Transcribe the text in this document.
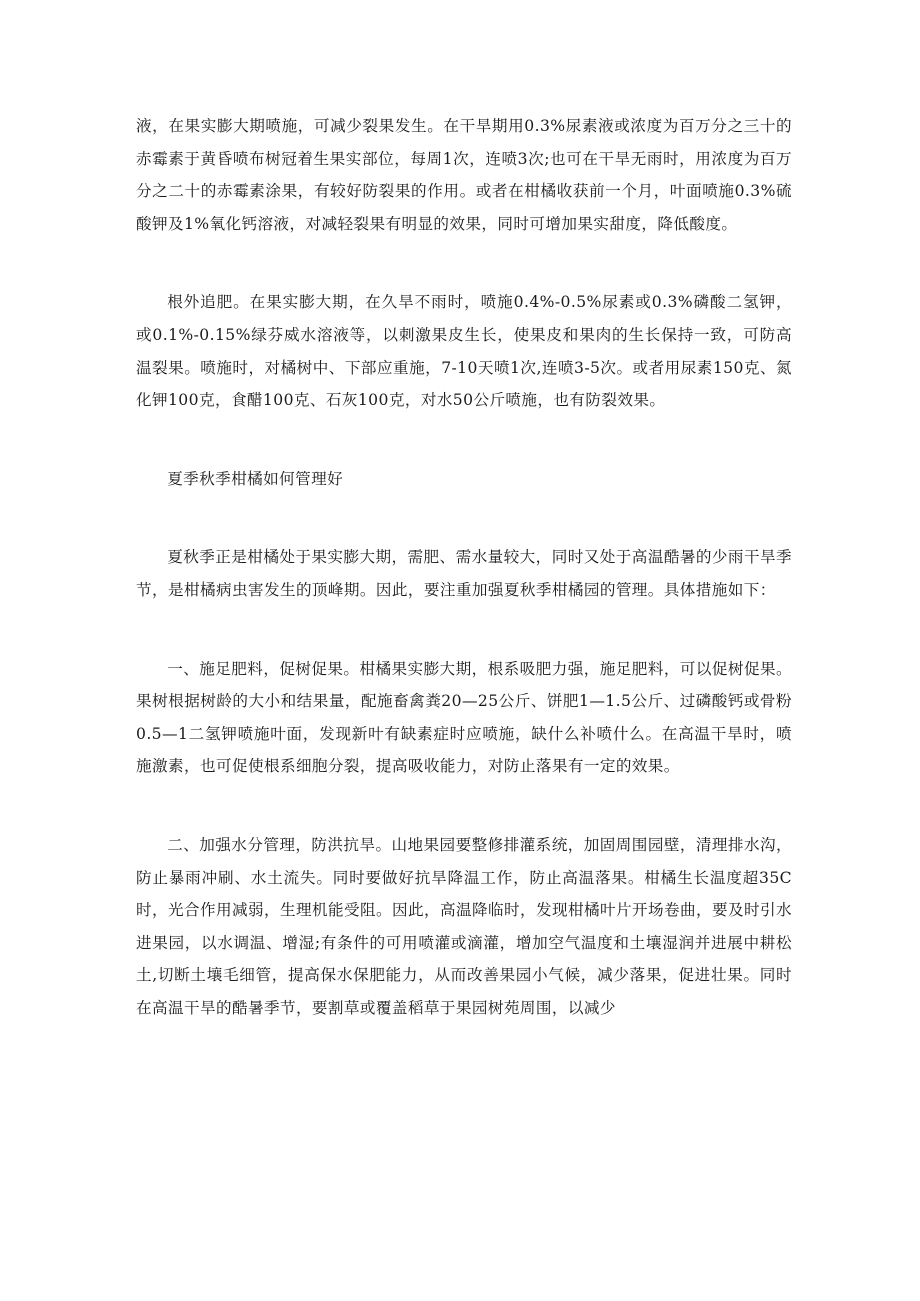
液，在果实膨大期喷施，可减少裂果发生。在干旱期用0.3%尿素液或浓度为百万分之三十的赤霉素于黄昏喷布树冠着生果实部位，每周1次，连喷3次;也可在干旱无雨时，用浓度为百万分之二十的赤霉素涂果，有较好防裂果的作用。或者在柑橘收获前一个月，叶面喷施0.3%硫酸钾及1%氧化钙溶液，对减轻裂果有明显的效果，同时可增加果实甜度，降低酸度。

根外追肥。在果实膨大期，在久旱不雨时，喷施0.4%-0.5%尿素或0.3%磷酸二氢钾，或0.1%-0.15%绿芬威水溶液等，以刺激果皮生长，使果皮和果肉的生长保持一致，可防高温裂果。喷施时，对橘树中、下部应重施，7-10天喷1次,连喷3-5次。或者用尿素150克、氮化钾100克，食醋100克、石灰100克，对水50公斤喷施，也有防裂效果。

夏季秋季柑橘如何管理好

夏秋季正是柑橘处于果实膨大期，需肥、需水量较大，同时又处于高温酷暑的少雨干旱季节，是柑橘病虫害发生的顶峰期。因此，要注重加强夏秋季柑橘园的管理。具体措施如下：

一、施足肥料，促树促果。柑橘果实膨大期，根系吸肥力强，施足肥料，可以促树促果。果树根据树龄的大小和结果量，配施畜禽粪20—25公斤、饼肥1—1.5公斤、过磷酸钙或骨粉0.5—1二氢钾喷施叶面，发现新叶有缺素症时应喷施，缺什么补喷什么。在高温干旱时，喷施激素，也可促使根系细胞分裂，提高吸收能力，对防止落果有一定的效果。

二、加强水分管理，防洪抗旱。山地果园要整修排灌系统，加固周围园壁，清理排水沟，防止暴雨冲刷、水土流失。同时要做好抗旱降温工作，防止高温落果。柑橘生长温度超35C时，光合作用减弱，生理机能受阻。因此，高温降临时，发现柑橘叶片开场卷曲，要及时引水进果园，以水调温、增湿;有条件的可用喷灌或滴灌，增加空气温度和土壤湿润并进展中耕松土,切断土壤毛细管，提高保水保肥能力，从而改善果园小气候，减少落果，促进壮果。同时在高温干旱的酷暑季节，要割草或覆盖稻草于果园树苑周围，以减少
